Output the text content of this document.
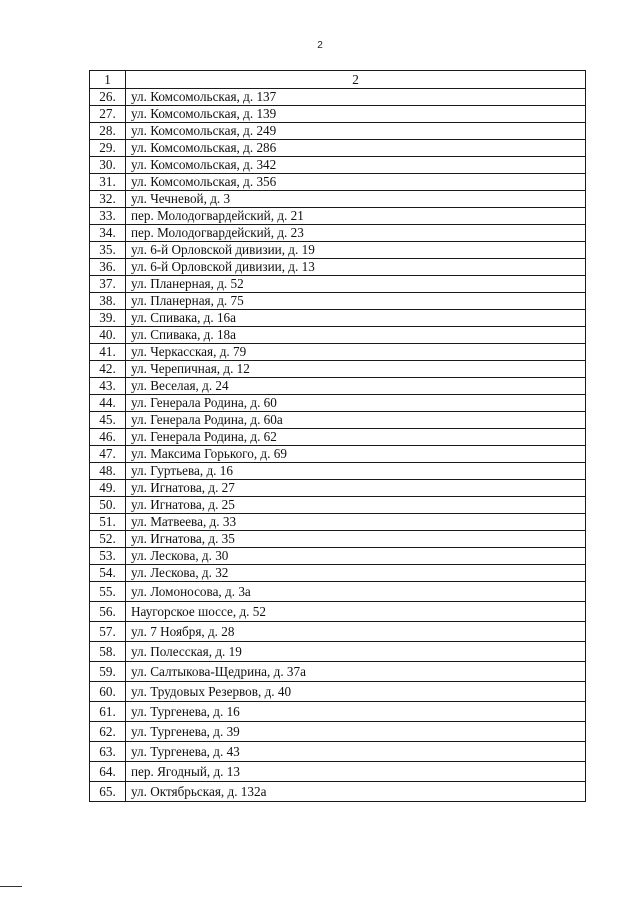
2
1	2
26.	ул. Комсомольская, д. 137
27.	ул. Комсомольская, д. 139
28.	ул. Комсомольская, д. 249
29.	ул. Комсомольская, д. 286
30.	ул. Комсомольская, д. 342
31.	ул. Комсомольская, д. 356
32.	ул. Чечневой, д. 3
33.	пер. Молодогвардейский, д. 21
34.	пер. Молодогвардейский, д. 23
35.	ул. 6-й Орловской дивизии, д. 19
36.	ул. 6-й Орловской дивизии, д. 13
37.	ул. Планерная, д. 52
38.	ул. Планерная, д. 75
39.	ул. Спивака, д. 16а
40.	ул. Спивака, д. 18а
41.	ул. Черкасская, д. 79
42.	ул. Черепичная, д. 12
43.	ул. Веселая, д. 24
44.	ул. Генерала Родина, д. 60
45.	ул. Генерала Родина, д. 60а
46.	ул. Генерала Родина, д. 62
47.	ул. Максима Горького, д. 69
48.	ул. Гуртьева, д. 16
49.	ул. Игнатова, д. 27
50.	ул. Игнатова, д. 25
51.	ул. Матвеева, д. 33
52.	ул. Игнатова, д. 35
53.	ул. Лескова, д. 30
54.	ул. Лескова, д. 32
55.	ул. Ломоносова, д. 3а
56.	Наугорское шоссе, д. 52
57.	ул. 7 Ноября, д. 28
58.	ул. Полесская, д. 19
59.	ул. Салтыкова-Щедрина, д. 37а
60.	ул. Трудовых Резервов, д. 40
61.	ул. Тургенева, д. 16
62.	ул. Тургенева, д. 39
63.	ул. Тургенева, д. 43
64.	пер. Ягодный, д. 13
65.	ул. Октябрьская, д. 132а
